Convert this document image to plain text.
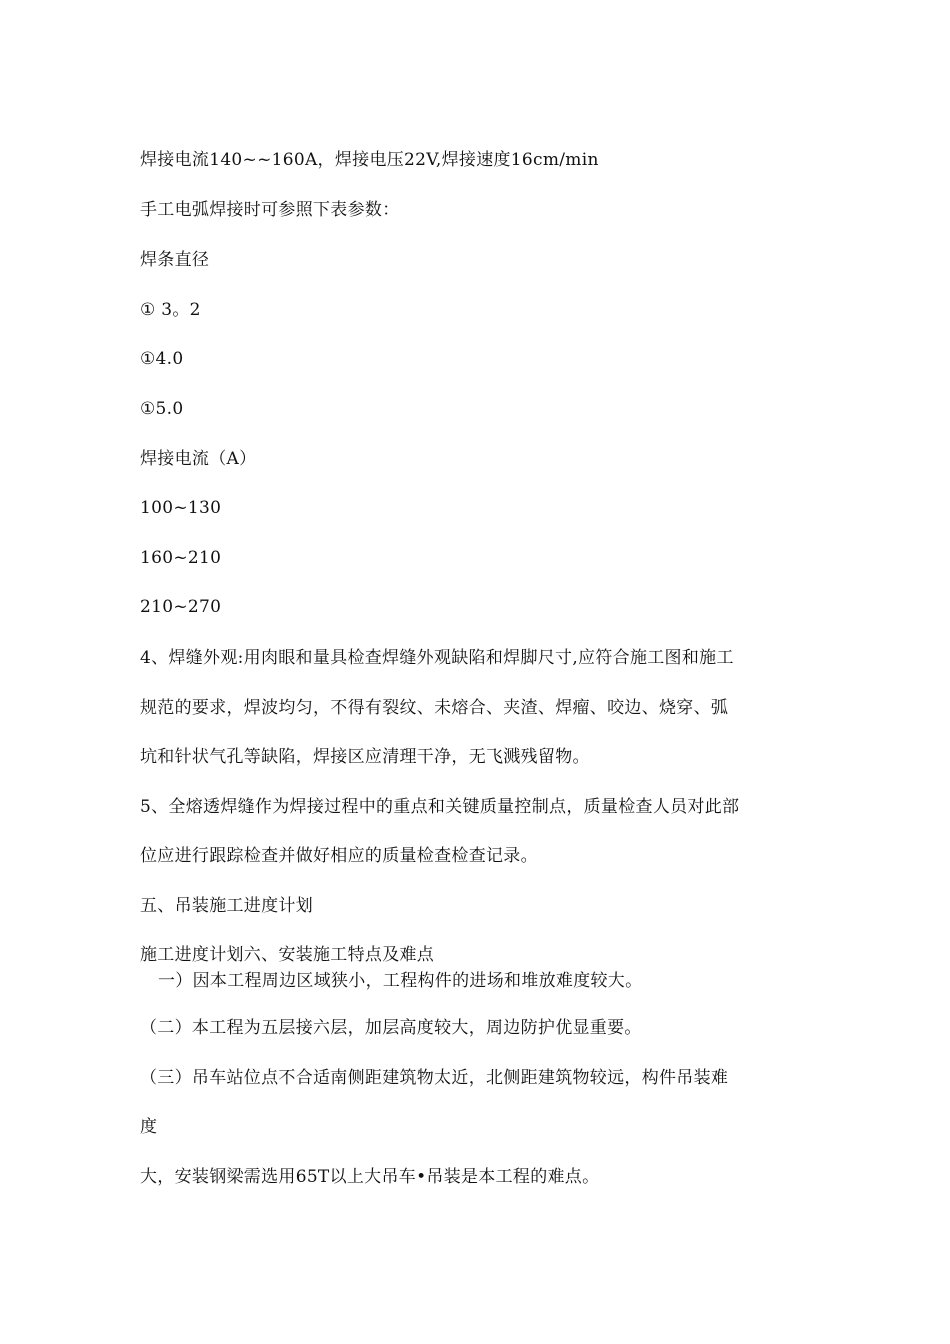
焊接电流140~~160A，焊接电压22V,焊接速度16cm/min
手工电弧焊接时可参照下表参数：
焊条直径
① 3。2
①4.0
①5.0
焊接电流（A）
100~130
160~210
210~270
4、焊缝外观:用肉眼和量具检查焊缝外观缺陷和焊脚尺寸,应符合施工图和施工
规范的要求，焊波均匀，不得有裂纹、未熔合、夹渣、焊瘤、咬边、烧穿、弧
坑和针状气孔等缺陷，焊接区应清理干净，无飞溅残留物。
5、全熔透焊缝作为焊接过程中的重点和关键质量控制点，质量检查人员对此部
位应进行跟踪检查并做好相应的质量检查检查记录。
五、吊装施工进度计划
施工进度计划六、安装施工特点及难点
一）因本工程周边区域狭小，工程构件的进场和堆放难度较大。
（二）本工程为五层接六层，加层高度较大，周边防护优显重要。
（三）吊车站位点不合适南侧距建筑物太近，北侧距建筑物较远，构件吊装难
度
大，安装钢梁需选用65T以上大吊车•吊装是本工程的难点。
